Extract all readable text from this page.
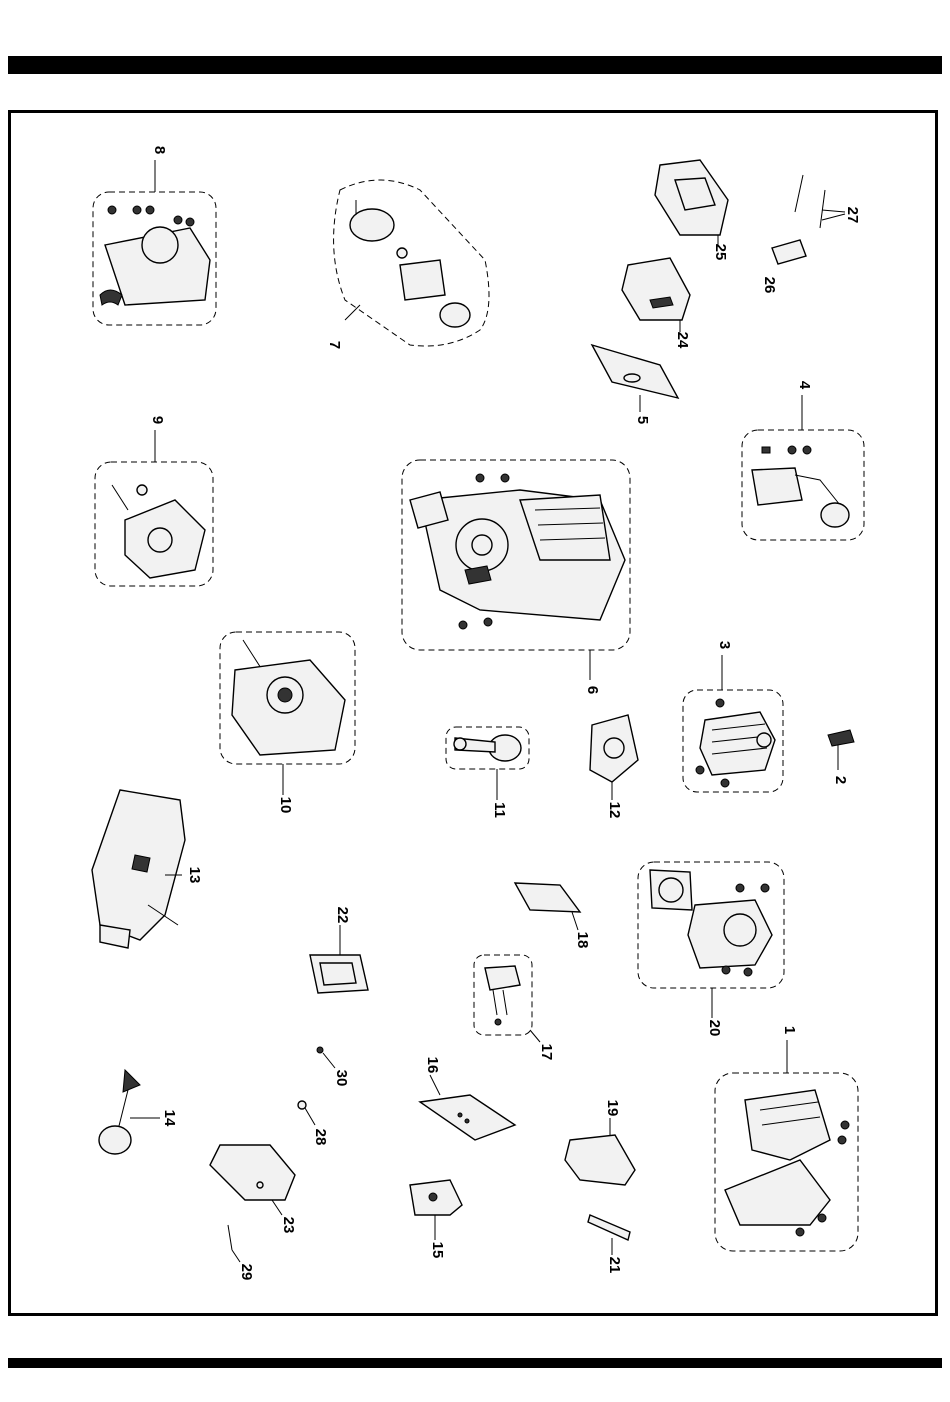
8
7
25
27
26
24
5
4
9
6
10	11	12
3
2
13
22
18
20
17
1
30
16
14
28
19
23
15
21
29
